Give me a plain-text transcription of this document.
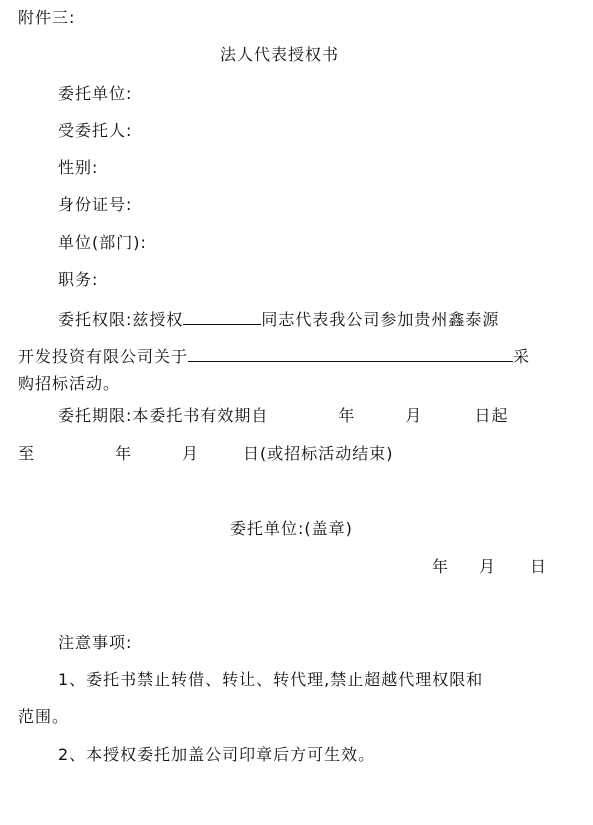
附件三:
法人代表授权书
委托单位:
受委托人:
性别:
身份证号:
单位(部门):
职务:
委托权限:兹授权	同志代表我公司参加贵州鑫泰源
开发投资有限公司关于	采
购招标活动。
委托期限:本委托书有效期自	年	月	日起
至	年	月	日(或招标活动结束)
委托单位:(盖章)
年 月 日
注意事项:
1、委托书禁止转借、转让、转代理,禁止超越代理权限和
范围。
2、本授权委托加盖公司印章后方可生效。
